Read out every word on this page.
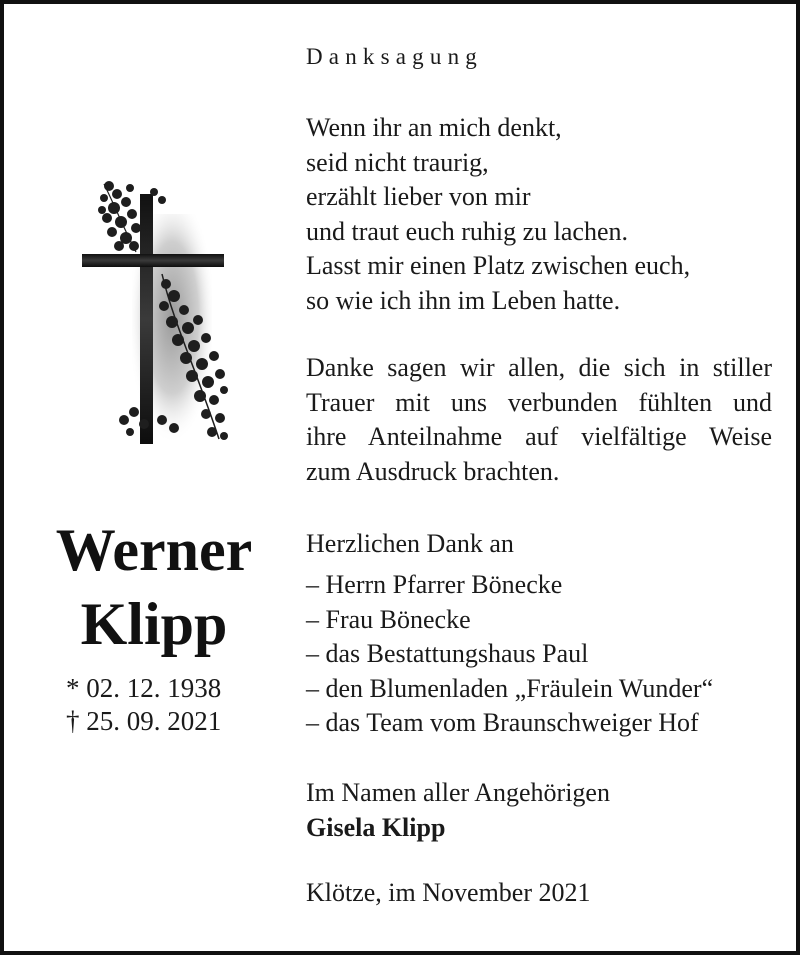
Werner
Klipp
* 02. 12. 1938
† 25. 09. 2021
Danksagung
Wenn ihr an mich denkt,
seid nicht traurig,
erzählt lieber von mir
und traut euch ruhig zu lachen.
Lasst mir einen Platz zwischen euch,
so wie ich ihn im Leben hatte.
Danke sagen wir allen, die sich in stiller
Trauer mit uns verbunden fühlten und
ihre Anteilnahme auf vielfältige Weise
zum Ausdruck brachten.
Herzlichen Dank an
– Herrn Pfarrer Bönecke
– Frau Bönecke
– das Bestattungshaus Paul
– den Blumenladen „Fräulein Wunder“
– das Team vom Braunschweiger Hof
Im Namen aller Angehörigen
Gisela Klipp
Klötze, im November 2021
